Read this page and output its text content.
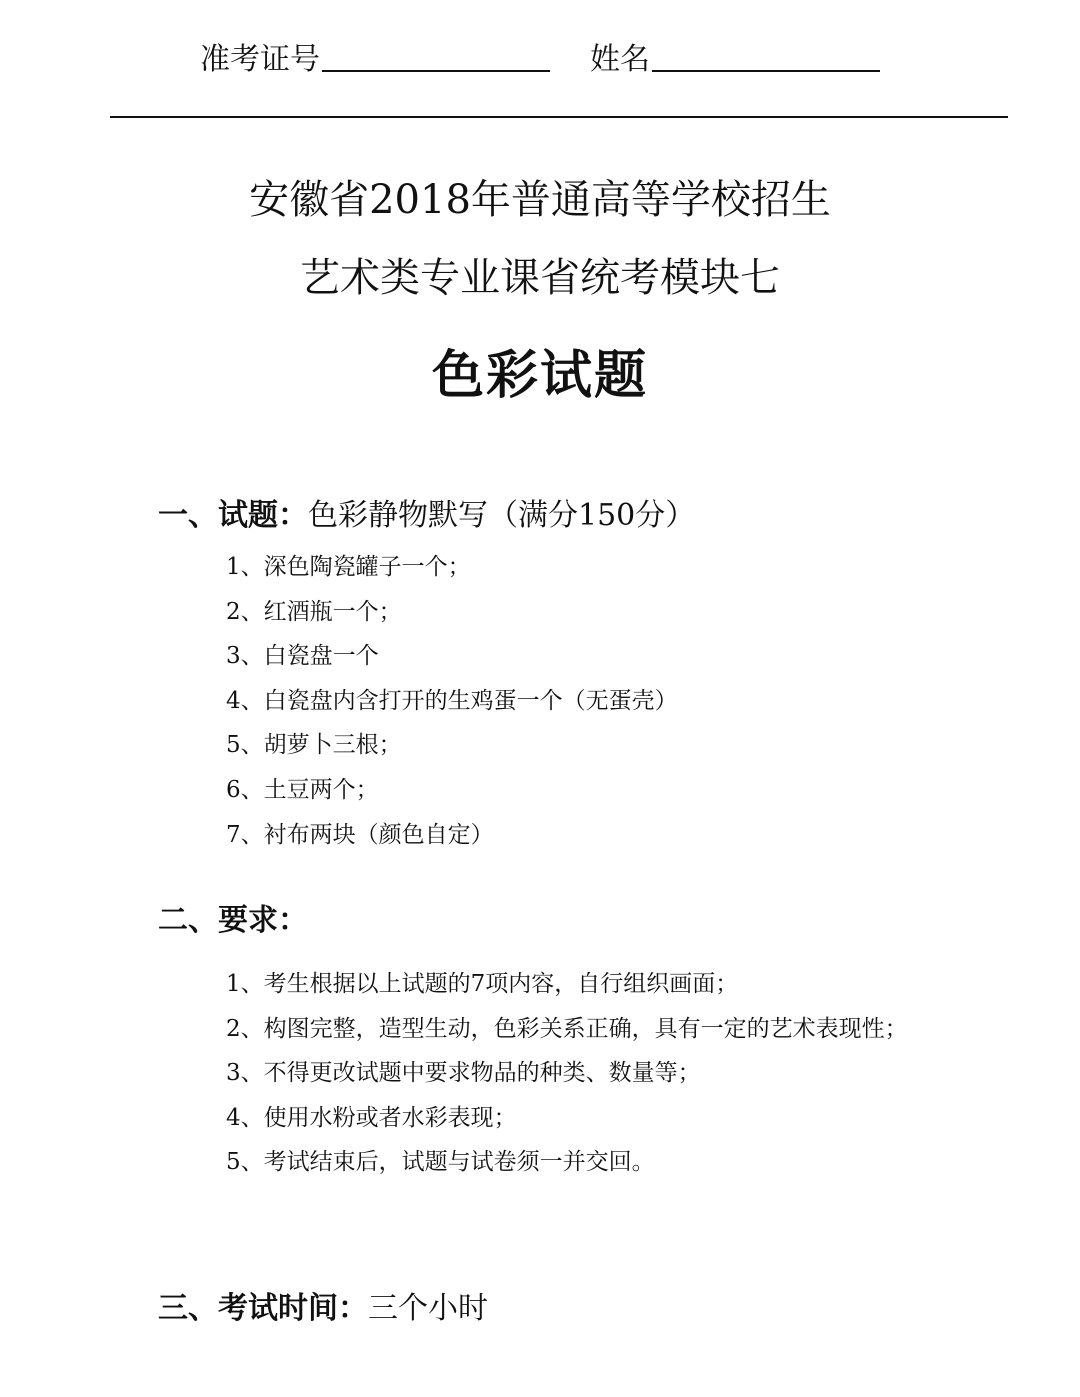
准考证号	姓名
安徽省2018年普通高等学校招生
艺术类专业课省统考模块七
色彩试题
一、试题：色彩静物默写（满分150分）
1、深色陶瓷罐子一个；
2、红酒瓶一个；
3、白瓷盘一个
4、白瓷盘内含打开的生鸡蛋一个（无蛋壳）
5、胡萝卜三根；
6、土豆两个；
7、衬布两块（颜色自定）
二、要求：
1、考生根据以上试题的7项内容，自行组织画面；
2、构图完整，造型生动，色彩关系正确，具有一定的艺术表现性；
3、不得更改试题中要求物品的种类、数量等；
4、使用水粉或者水彩表现；
5、考试结束后，试题与试卷须一并交回。
三、考试时间：三个小时
